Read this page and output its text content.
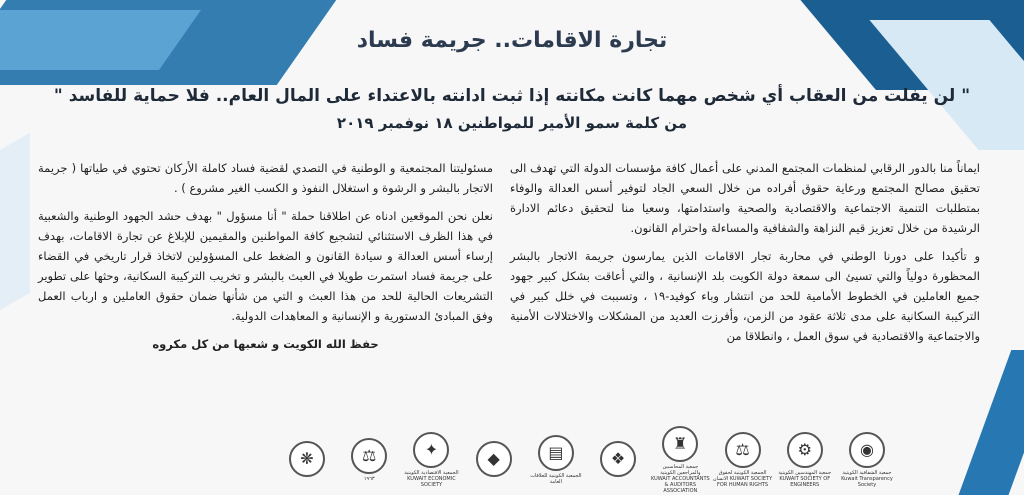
تجارة الاقامات.. جريمة فساد
" لن يفلت من العقاب أي شخص مهما كانت مكانته إذا ثبت ادانته بالاعتداء على المال العام.. فلا حماية للفاسد "
من كلمة سمو الأمير للمواطنين ١٨ نوفمبر ٢٠١٩

ايماناً منا بالدور الرقابي لمنظمات المجتمع المدني على أعمال كافة مؤسسات الدولة التي تهدف الى تحقيق مصالح المجتمع ورعاية حقوق أفراده من خلال السعي الجاد لتوفير أسس العدالة والوفاء بمتطلبات التنمية الاجتماعية والاقتصادية والصحية واستدامتها، وسعيا منا لتحقيق دعائم الادارة الرشيدة من خلال تعزيز قيم النزاهة والشفافية والمساءلة واحترام القانون.

و تأكيدا على دورنا الوطني في محاربة تجار الاقامات الذين يمارسون جريمة الاتجار بالبشر المحظورة دولياً والتي تسيئ الى سمعة دولة الكويت بلد الإنسانية ، والتي أعاقت بشكل كبير جهود جميع العاملين في الخطوط الأمامية للحد من انتشار وباء كوفيد-١٩ ، وتسببت في خلل كبير في التركيبة السكانية على مدى ثلاثة عقود من الزمن، وأفرزت العديد من المشكلات والاختلالات الأمنية والاجتماعية والاقتصادية في سوق العمل ، وانطلاقا من

مسئوليتنا المجتمعية و الوطنية في التصدي لقضية فساد كاملة الأركان تحتوي في طياتها ( جريمة الاتجار بالبشر و الرشوة و استغلال النفوذ و الكسب الغير مشروع ) .

نعلن نحن الموقعين ادناه عن اطلاقنا حملة " أنا مسؤول " بهدف حشد الجهود الوطنية والشعبية في هذا الظرف الاستثنائي لتشجيع كافة المواطنين والمقيمين للإبلاغ عن تجارة الاقامات، بهدف إرساء أسس العدالة و سيادة القانون و الضغط على المسؤولين لاتخاذ قرار تاريخي في القضاء على جريمة فساد استمرت طويلا في العبث بالبشر و تخريب التركيبة السكانية، وحثها على تطوير التشريعات الحالية للحد من هذا العبث و التي من شأنها ضمان حقوق العاملين و ارباب العمل وفق المبادئ الدستورية و الإنسانية و المعاهدات الدولية.

حفظ الله الكويت و شعبها من كل مكروه

◉
جمعية الشفافية الكويتية Kuwait Transparency Society
⚙
جمعية المهندسين الكويتية KUWAIT SOCIETY OF ENGINEERS
⚖
الجمعية الكويتية لحقوق الانسان KUWAIT SOCIETY FOR HUMAN RIGHTS
♜
جمعية المحاسبين والمراجعين الكويتية KUWAIT ACCOUNTANTS & AUDITORS ASSOCIATION
❖
▤
الجمعية الكويتية للعلاقات العامة
◆
✦
الجمعية الاقتصادية الكويتية KUWAIT ECONOMIC SOCIETY
⚖
١٩٦٣
❋
